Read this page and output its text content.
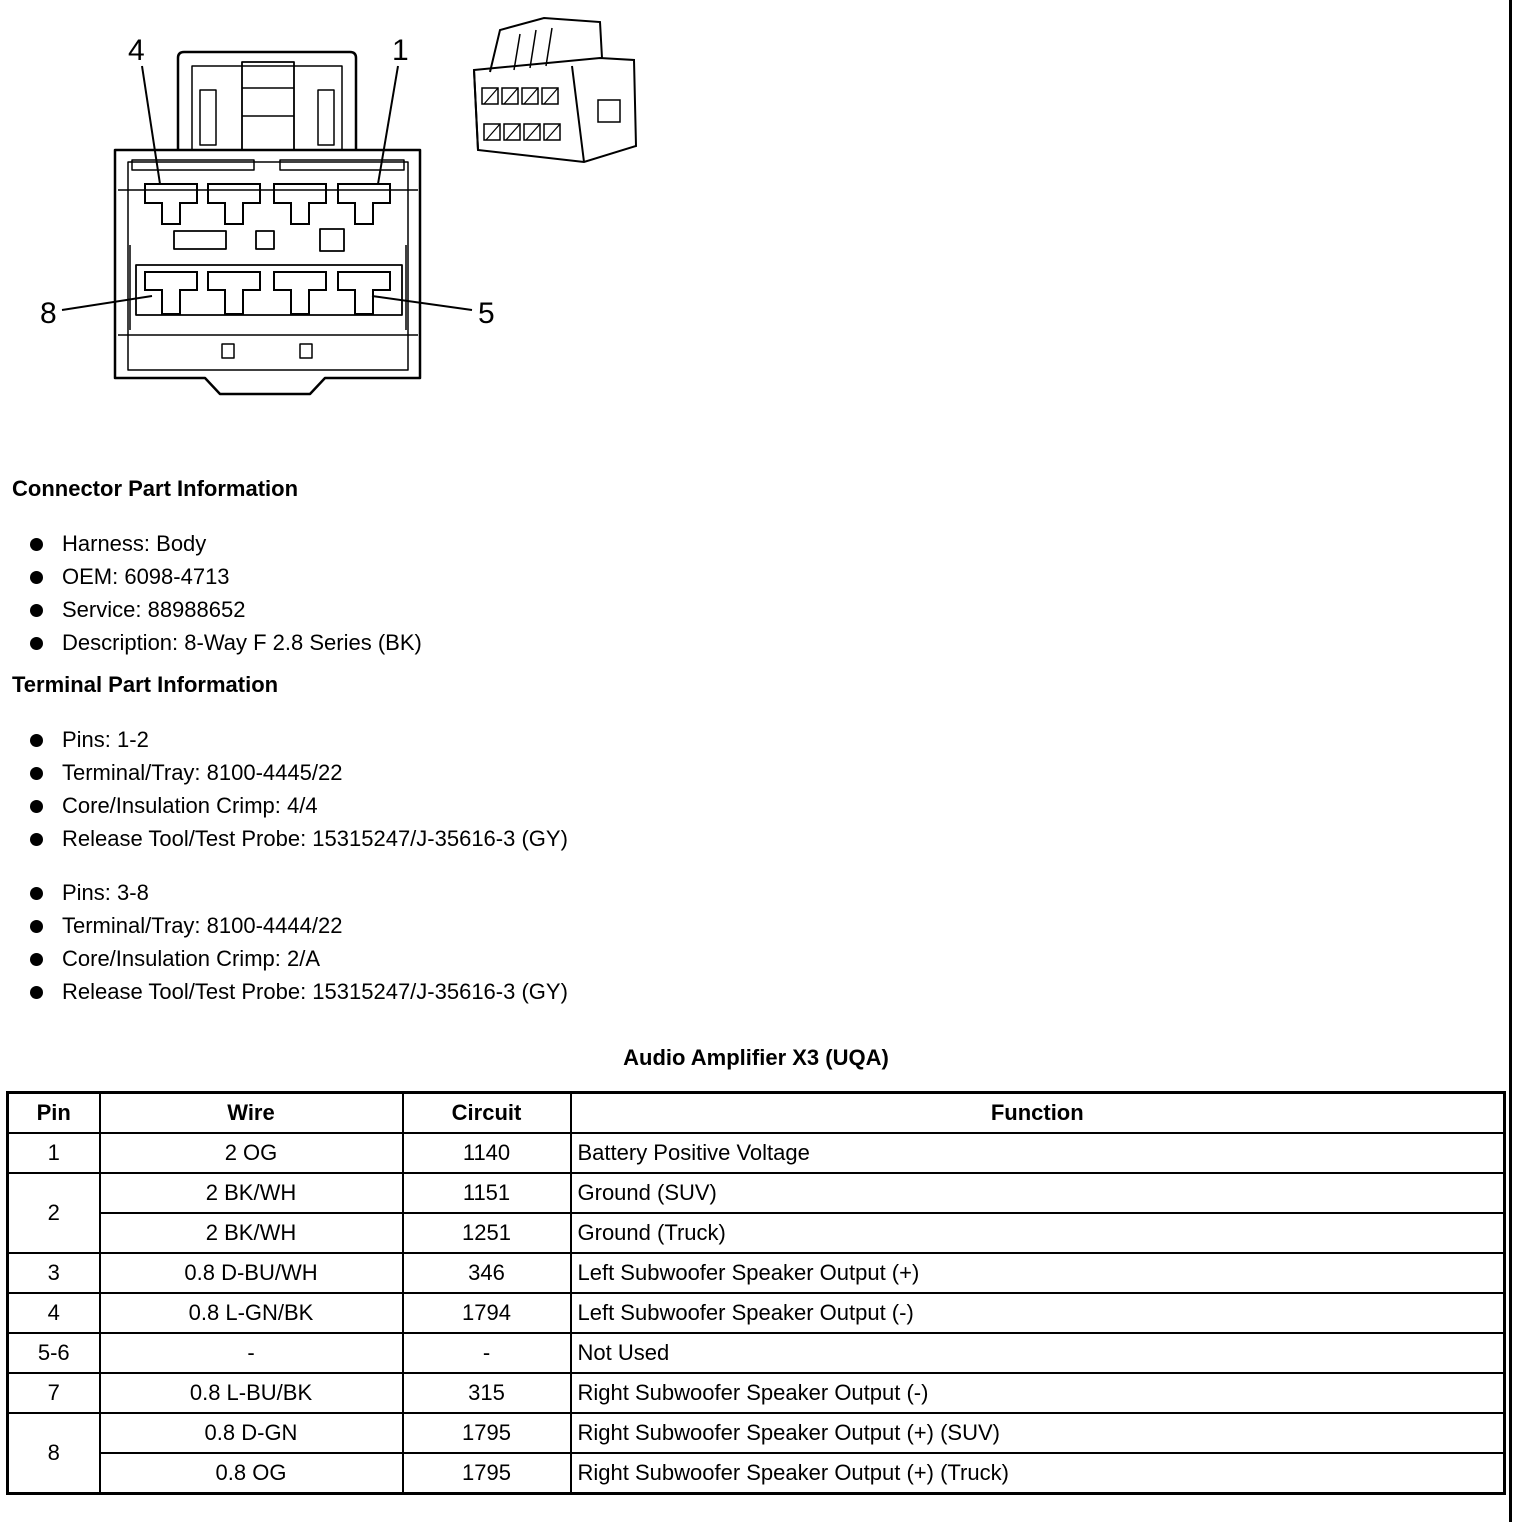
4	1
8	5
Connector Part Information
Harness: Body
OEM: 6098-4713
Service: 88988652
Description: 8-Way F 2.8 Series (BK)
Terminal Part Information
Pins: 1-2
Terminal/Tray: 8100-4445/22
Core/Insulation Crimp: 4/4
Release Tool/Test Probe: 15315247/J-35616-3 (GY)
Pins: 3-8
Terminal/Tray: 8100-4444/22
Core/Insulation Crimp: 2/A
Release Tool/Test Probe: 15315247/J-35616-3 (GY)
Audio Amplifier X3 (UQA)
Pin	Wire	Circuit	Function
1	2 OG	1140	Battery Positive Voltage
2	2 BK/WH	1151	Ground (SUV)
	2 BK/WH	1251	Ground (Truck)
3	0.8 D-BU/WH	346	Left Subwoofer Speaker Output (+)
4	0.8 L-GN/BK	1794	Left Subwoofer Speaker Output (-)
5-6	-	-	Not Used
7	0.8 L-BU/BK	315	Right Subwoofer Speaker Output (-)
8	0.8 D-GN	1795	Right Subwoofer Speaker Output (+) (SUV)
	0.8 OG	1795	Right Subwoofer Speaker Output (+) (Truck)
